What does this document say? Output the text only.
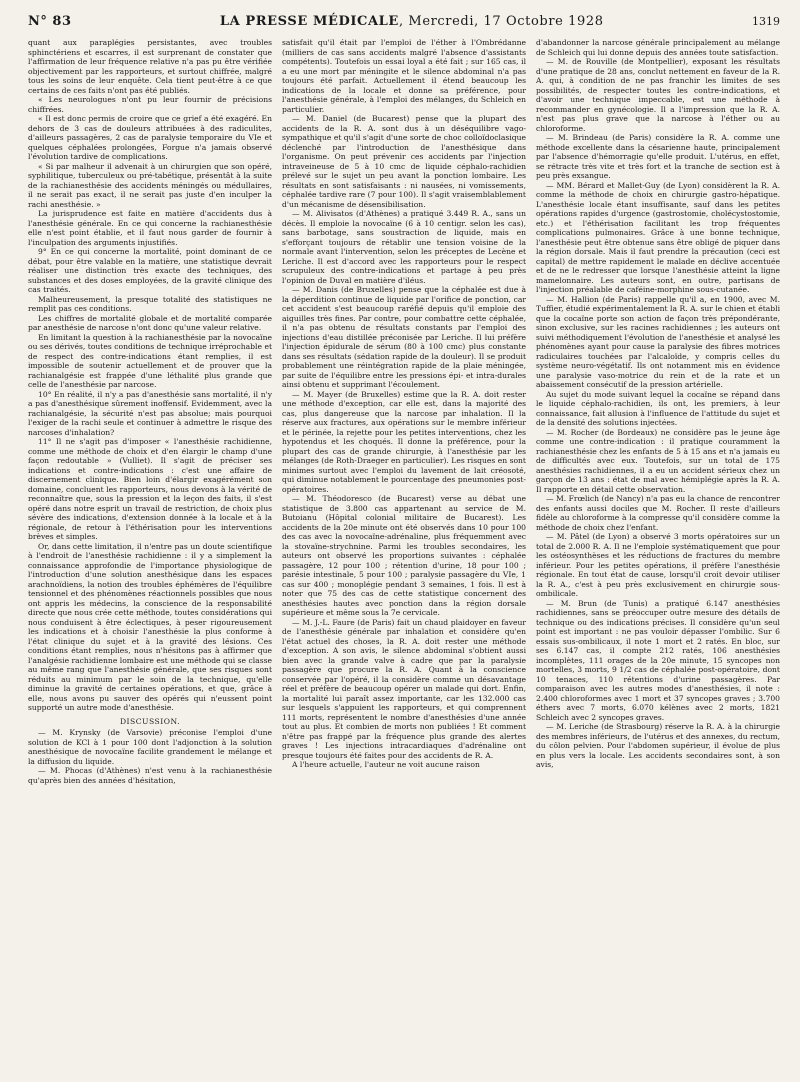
N° 83	LA PRESSE MÉDICALE, Mercredi, 17 Octobre 1928	1319

quant aux paraplégies persistantes, avec troubles sphinctériens et escarres, il est surprenant de constater que l'affirmation de leur fréquence relative n'a pas pu être vérifiée objectivement par les rapporteurs, et surtout chiffrée, malgré tous les soins de leur enquête. Cela tient peut-être à ce que certains de ces faits n'ont pas été publiés.

« Les neurologues n'ont pu leur fournir de précisions chiffrées.

« Il est donc permis de croire que ce grief a été exagéré. En dehors de 3 cas de douleurs attribuées à des radiculites, d'ailleurs passagères, 2 cas de paralysie temporaire du VIe et quelques céphalées prolongées, Forgue n'a jamais observé l'évolution tardive de complications.

« Si par malheur il advenait à un chirurgien que son opéré, syphilitique, tuberculeux ou pré-tabétique, présentât à la suite de la rachianesthésie des accidents méningés ou médullaires, il ne serait pas exact, il ne serait pas juste d'en inculper la rachi anesthésie. »

La jurisprudence est faite en matière d'accidents dus à l'anesthésie générale. En ce qui concerne la rachianesthésie elle n'est point établie, et il faut nous garder de fournir à l'inculpation des arguments injustifiés.

9° En ce qui concerne la mortalité, point dominant de ce débat, pour être valable en la matière, une statistique devrait réaliser une distinction très exacte des techniques, des substances et des doses employées, de la gravité clinique des cas traités.

Malheureusement, la presque totalité des statistiques ne remplit pas ces conditions.

Les chiffres de mortalité globale et de mortalité comparée par anesthésie de narcose n'ont donc qu'une valeur relative.

En limitant la question à la rachianesthésie par la novocaïne ou ses dérivés, toutes conditions de technique irréprochable et de respect des contre-indications étant remplies, il est impossible de soutenir actuellement et de prouver que la rachianalgésie est frappée d'une léthalité plus grande que celle de l'anesthésie par narcose.

10° En réalité, il n'y a pas d'anesthésie sans mortalité, il n'y a pas d'anesthésique sûrement inoffensif. Evidemment, avec la rachianalgésie, la sécurité n'est pas absolue; mais pourquoi l'exiger de la rachi seule et continuer à admettre le risque des narcoses d'inhalation?

11° Il ne s'agit pas d'imposer « l'anesthésie rachidienne, comme une méthode de choix et d'en élargir le champ d'une façon redoutable » (Vulliet). Il s'agit de préciser ses indications et contre-indications : c'est une affaire de discernement clinique. Bien loin d'élargir exagérément son domaine, concluent les rapporteurs, nous devons à la vérité de reconnaître que, sous la pression et la leçon des faits, il s'est opéré dans notre esprit un travail de restriction, de choix plus sévère des indications, d'extension donnée à la locale et à la régionale, de retour à l'éthérisation pour les interventions brèves et simples.

Or, dans cette limitation, il n'entre pas un doute scientifique à l'endroit de l'anesthésie rachidienne : il y a simplement la connaissance approfondie de l'importance physiologique de l'introduction d'une solution anesthésique dans les espaces arachnoïdiens, la notion des troubles éphémères de l'équilibre tensionnel et des phénomènes réactionnels possibles que nous ont appris les médecins, la conscience de la responsabilité directe que nous crée cette méthode, toutes considérations qui nous conduisent à être éclectiques, à peser rigoureusement les indications et à choisir l'anesthésie la plus conforme à l'état clinique du sujet et à la gravité des lésions. Ces conditions étant remplies, nous n'hésitons pas à affirmer que l'analgésie rachidienne lombaire est une méthode qui se classe au même rang que l'anesthésie générale, que ses risques sont réduits au minimum par le soin de la technique, qu'elle diminue la gravité de certaines opérations, et que, grâce à elle, nous avons pu sauver des opérés qui n'eussent point supporté un autre mode d'anesthésie.

DISCUSSION.

— M. Krynsky (de Varsovie) préconise l'emploi d'une solution de KCl à 1 pour 100 dont l'adjonction à la solution anesthésique de novocaïne facilite grandement le mélange et la diffusion du liquide.

— M. Phocas (d'Athènes) n'est venu à la rachianesthésie qu'après bien des années d'hésitation,

satisfait qu'il était par l'emploi de l'éther à l'Ombrédanne (milliers de cas sans accidents malgré l'absence d'assistants compétents). Toutefois un essai loyal a été fait ; sur 165 cas, il a eu une mort par méningite et le silence abdominal n'a pas toujours été parfait. Actuellement il étend beaucoup les indications de la locale et donne sa préférence, pour l'anesthésie générale, à l'emploi des mélanges, du Schleich en particulier.

— M. Daniel (de Bucarest) pense que la plupart des accidents de la R. A. sont dus à un déséquilibre vago-sympathique et qu'il s'agit d'une sorte de choc colloïdoclasique déclenché par l'introduction de l'anesthésique dans l'organisme. On peut prévenir ces accidents par l'injection intraveineuse de 5 à 10 cmc de liquide céphalo-rachidien prélevé sur le sujet un peu avant la ponction lombaire. Les résultats en sont satisfaisants : ni nausées, ni vomissements, céphalée tardive rare (7 pour 100). Il s'agit vraisemblablement d'un mécanisme de désensibilisation.

— M. Alivisatos (d'Athènes) a pratiqué 3.449 R. A., sans un décès. Il emploie la novocaïne (6 à 10 centigr. selon les cas), sans barbotage, sans soustraction de liquide, mais en s'efforçant toujours de rétablir une tension voisine de la normale avant l'intervention, selon les préceptes de Lecène et Leriche. Il est d'accord avec les rapporteurs pour le respect scrupuleux des contre-indications et partage à peu près l'opinion de Duval en matière d'iléus.

— M. Danis (de Bruxelles) pense que la céphalée est due à la déperdition continue de liquide par l'orifice de ponction, car cet accident s'est beaucoup raréfié depuis qu'il emploie des aiguilles très fines. Par contre, pour combattre cette céphalée, il n'a pas obtenu de résultats constants par l'emploi des injections d'eau distillée préconisée par Leriche. Il lui préfère l'injection épidurale de sérum (80 à 100 cmc) plus constante dans ses résultats (sédation rapide de la douleur). Il se produit probablement une réintégration rapide de la plaie méningée, par suite de l'équilibre entre les pressions épi- et intra-durales ainsi obtenu et supprimant l'écoulement.

— M. Mayer (de Bruxelles) estime que la R. A. doit rester une méthode d'exception, car elle est, dans la majorité des cas, plus dangereuse que la narcose par inhalation. Il la réserve aux fractures, aux opérations sur le membre inférieur et le périnée, la rejette pour les petites interventions, chez les hypotendus et les choqués. Il donne la préférence, pour la plupart des cas de grande chirurgie, à l'anesthésie par les mélanges (de Roth-Draeger en particulier). Les risques en sont minimes surtout avec l'emploi du lavement de lait créosoté, qui diminue notablement le pourcentage des pneumonies post-opératoires.

— M. Théodoresco (de Bucarest) verse au débat une statistique de 3.800 cas appartenant au service de M. Butoianu (Hôpital colonial militaire de Bucarest). Les accidents de la 20e minute ont été observés dans 10 pour 100 des cas avec la novocaïne-adrénaline, plus fréquemment avec la stovaïne-strychnine. Parmi les troubles secondaires, les auteurs ont observé les proportions suivantes : céphalée passagère, 12 pour 100 ; rétention d'urine, 18 pour 100 ; parésie intestinale, 5 pour 100 ; paralysie passagère du VIe, 1 cas sur 400 ; monoplégie pendant 3 semaines, 1 fois. Il est à noter que 75 des cas de cette statistique concernent des anesthésies hautes avec ponction dans la région dorsale supérieure et même sous la 7e cervicale.

— M. J.-L. Faure (de Paris) fait un chaud plaidoyer en faveur de l'anesthésie générale par inhalation et considère qu'en l'état actuel des choses, la R. A. doit rester une méthode d'exception. A son avis, le silence abdominal s'obtient aussi bien avec la grande valve à cadre que par la paralysie passagère que procure la R. A. Quant à la conscience conservée par l'opéré, il la considère comme un désavantage réel et préfère de beaucoup opérer un malade qui dort. Enfin, la mortalité lui paraît assez importante, car les 132.000 cas sur lesquels s'appuient les rapporteurs, et qui comprennent 111 morts, représentent le nombre d'anesthésies d'une année tout au plus. Et combien de morts non publiées ! Et comment n'être pas frappé par la fréquence plus grande des alertes graves ! Les injections intracardiaques d'adrénaline ont presque toujours été faites pour des accidents de R. A.

A l'heure actuelle, l'auteur ne voit aucune raison

d'abandonner la narcose générale principalement au mélange de Schleich qui lui donne depuis des années toute satisfaction.

— M. de Rouville (de Montpellier), exposant les résultats d'une pratique de 28 ans, conclut nettement en faveur de la R. A. qui, à condition de ne pas franchir les limites de ses possibilités, de respecter toutes les contre-indications, et d'avoir une technique impeccable, est une méthode à recommander en gynécologie. Il a l'impression que la R. A. n'est pas plus grave que la narcose à l'éther ou au chloroforme.

— M. Brindeau (de Paris) considère la R. A. comme une méthode excellente dans la césarienne haute, principalement par l'absence d'hémorragie qu'elle produit. L'utérus, en effet, se rétracte très vite et très fort et la tranche de section est à peu près exsangue.

— MM. Bérard et Mallet-Guy (de Lyon) considèrent la R. A. comme la méthode de choix en chirurgie gastro-hépatique. L'anesthésie locale étant insuffisante, sauf dans les petites opérations rapides d'urgence (gastrostomie, cholécystostomie, etc.) et l'éthérisation facilitant les trop fréquentes complications pulmonaires. Grâce à une bonne technique, l'anesthésie peut être obtenue sans être obligé de piquer dans la région dorsale. Mais il faut prendre la précaution (ceci est capital) de mettre rapidement le malade en déclive accentuée et de ne le redresser que lorsque l'anesthésie atteint la ligne mamelonnaire. Les auteurs sont, en outre, partisans de l'injection préalable de caféine-morphine sous-cutanée.

— M. Hallion (de Paris) rappelle qu'il a, en 1900, avec M. Tuffier, étudié expérimentalement la R. A. sur le chien et établi que la cocaïne porte son action de façon très prépondérante, sinon exclusive, sur les racines rachidiennes ; les auteurs ont suivi méthodiquement l'évolution de l'anesthésie et analysé les phénomènes ayant pour cause la paralysie des fibres motrices radiculaires touchées par l'alcaloïde, y compris celles du système neuro-végétatif. Ils ont notamment mis en évidence une paralysie vaso-motrice du rein et de la rate et un abaissement consécutif de la pression artérielle.

Au sujet du mode suivant lequel la cocaïne se répand dans le liquide céphalo-rachidien, ils ont, les premiers, à leur connaissance, fait allusion à l'influence de l'attitude du sujet et de la densité des solutions injectées.

— M. Rocher (de Bordeaux) ne considère pas le jeune âge comme une contre-indication : il pratique couramment la rachianesthésie chez les enfants de 5 à 15 ans et n'a jamais eu de difficultés avec eux. Toutefois, sur un total de 175 anesthésies rachidiennes, il a eu un accident sérieux chez un garçon de 13 ans : état de mal avec hémiplégie après la R. A. Il rapporte en détail cette observation.

— M. Frœlich (de Nancy) n'a pas eu la chance de rencontrer des enfants aussi dociles que M. Rocher. Il reste d'ailleurs fidèle au chloroforme à la compresse qu'il considère comme la méthode de choix chez l'enfant.

— M. Pâtel (de Lyon) a observé 3 morts opératoires sur un total de 2.000 R. A. Il ne l'emploie systématiquement que pour les ostéosynthèses et les réductions de fractures du membre inférieur. Pour les petites opérations, il préfère l'anesthésie régionale. En tout état de cause, lorsqu'il croit devoir utiliser la R. A., c'est à peu près exclusivement en chirurgie sous-ombilicale.

— M. Brun (de Tunis) a pratiqué 6.147 anesthésies rachidiennes, sans se préoccuper outre mesure des détails de technique ou des indications précises. Il considère qu'un seul point est important : ne pas vouloir dépasser l'ombilic. Sur 6 essais sus-ombilicaux, il note 1 mort et 2 ratés. En bloc, sur ses 6.147 cas, il compte 212 ratés, 106 anesthésies incomplètes, 111 orages de la 20e minute, 15 syncopes non mortelles, 3 morts, 9 1/2 cas de céphalée post-opératoire, dont 10 tenaces, 110 rétentions d'urine passagères. Par comparaison avec les autres modes d'anesthésies, il note : 2.400 chloroformes avec 1 mort et 37 syncopes graves ; 3.700 éthers avec 7 morts, 6.070 kélènes avec 2 morts, 1821 Schleich avec 2 syncopes graves.

— M. Leriche (de Strasbourg) réserve la R. A. à la chirurgie des membres inférieurs, de l'utérus et des annexes, du rectum, du côlon pelvien. Pour l'abdomen supérieur, il évolue de plus en plus vers la locale. Les accidents secondaires sont, à son avis,
